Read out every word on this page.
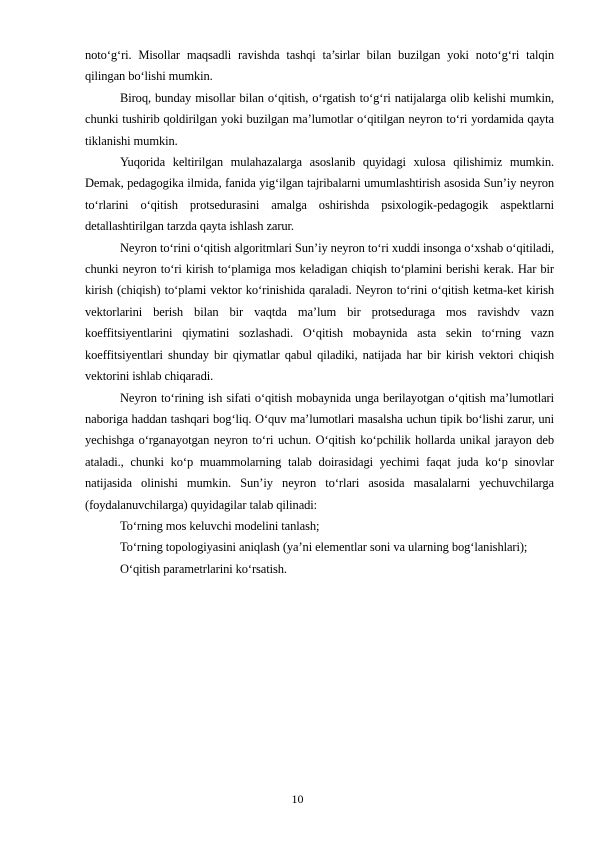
noto‘g‘ri. Misollar maqsadli ravishda tashqi ta’sirlar bilan buzilgan yoki noto‘g‘ri talqin qilingan bo‘lishi mumkin.

Biroq, bunday misollar bilan o‘qitish, o‘rgatish to‘g‘ri natijalarga olib kelishi mumkin, chunki tushirib qoldirilgan yoki buzilgan ma’lumotlar o‘qitilgan neyron to‘ri yordamida qayta tiklanishi mumkin.

Yuqorida keltirilgan mulahazalarga asoslanib quyidagi xulosa qilishimiz mumkin. Demak, pedagogika ilmida, fanida yig‘ilgan tajribalarni umumlashtirish asosida Sun’iy neyron to‘rlarini o‘qitish protsedurasini amalga oshirishda psixologik-pedagogik aspektlarni detallashtirilgan tarzda qayta ishlash zarur.

Neyron to‘rini o‘qitish algoritmlari Sun’iy neyron to‘ri xuddi insonga o‘xshab o‘qitiladi, chunki neyron to‘ri kirish to‘plamiga mos keladigan chiqish to‘plamini berishi kerak. Har bir kirish (chiqish) to‘plami vektor ko‘rinishida qaraladi. Neyron to‘rini o‘qitish ketma-ket kirish vektorlarini berish bilan bir vaqtda ma’lum bir protseduraga mos ravishdv vazn koeffitsiyentlarini qiymatini sozlashadi. O‘qitish mobaynida asta sekin to‘rning vazn koeffitsiyentlari shunday bir qiymatlar qabul qiladiki, natijada har bir kirish vektori chiqish vektorini ishlab chiqaradi.

Neyron to‘rining ish sifati o‘qitish mobaynida unga berilayotgan o‘qitish ma’lumotlari naboriga haddan tashqari bog‘liq. O‘quv ma’lumotlari masalsha uchun tipik bo‘lishi zarur, uni yechishga o‘rganayotgan neyron to‘ri uchun. O‘qitish ko‘pchilik hollarda unikal jarayon deb ataladi., chunki ko‘p muammolarning talab doirasidagi yechimi faqat juda ko‘p sinovlar natijasida olinishi mumkin. Sun’iy neyron to‘rlari asosida masalalarni yechuvchilarga (foydalanuvchilarga) quyidagilar talab qilinadi:

To‘rning mos keluvchi modelini tanlash;

To‘rning topologiyasini aniqlash (ya’ni elementlar soni va ularning bog‘lanishlari);

O‘qitish parametrlarini ko‘rsatish.

10
